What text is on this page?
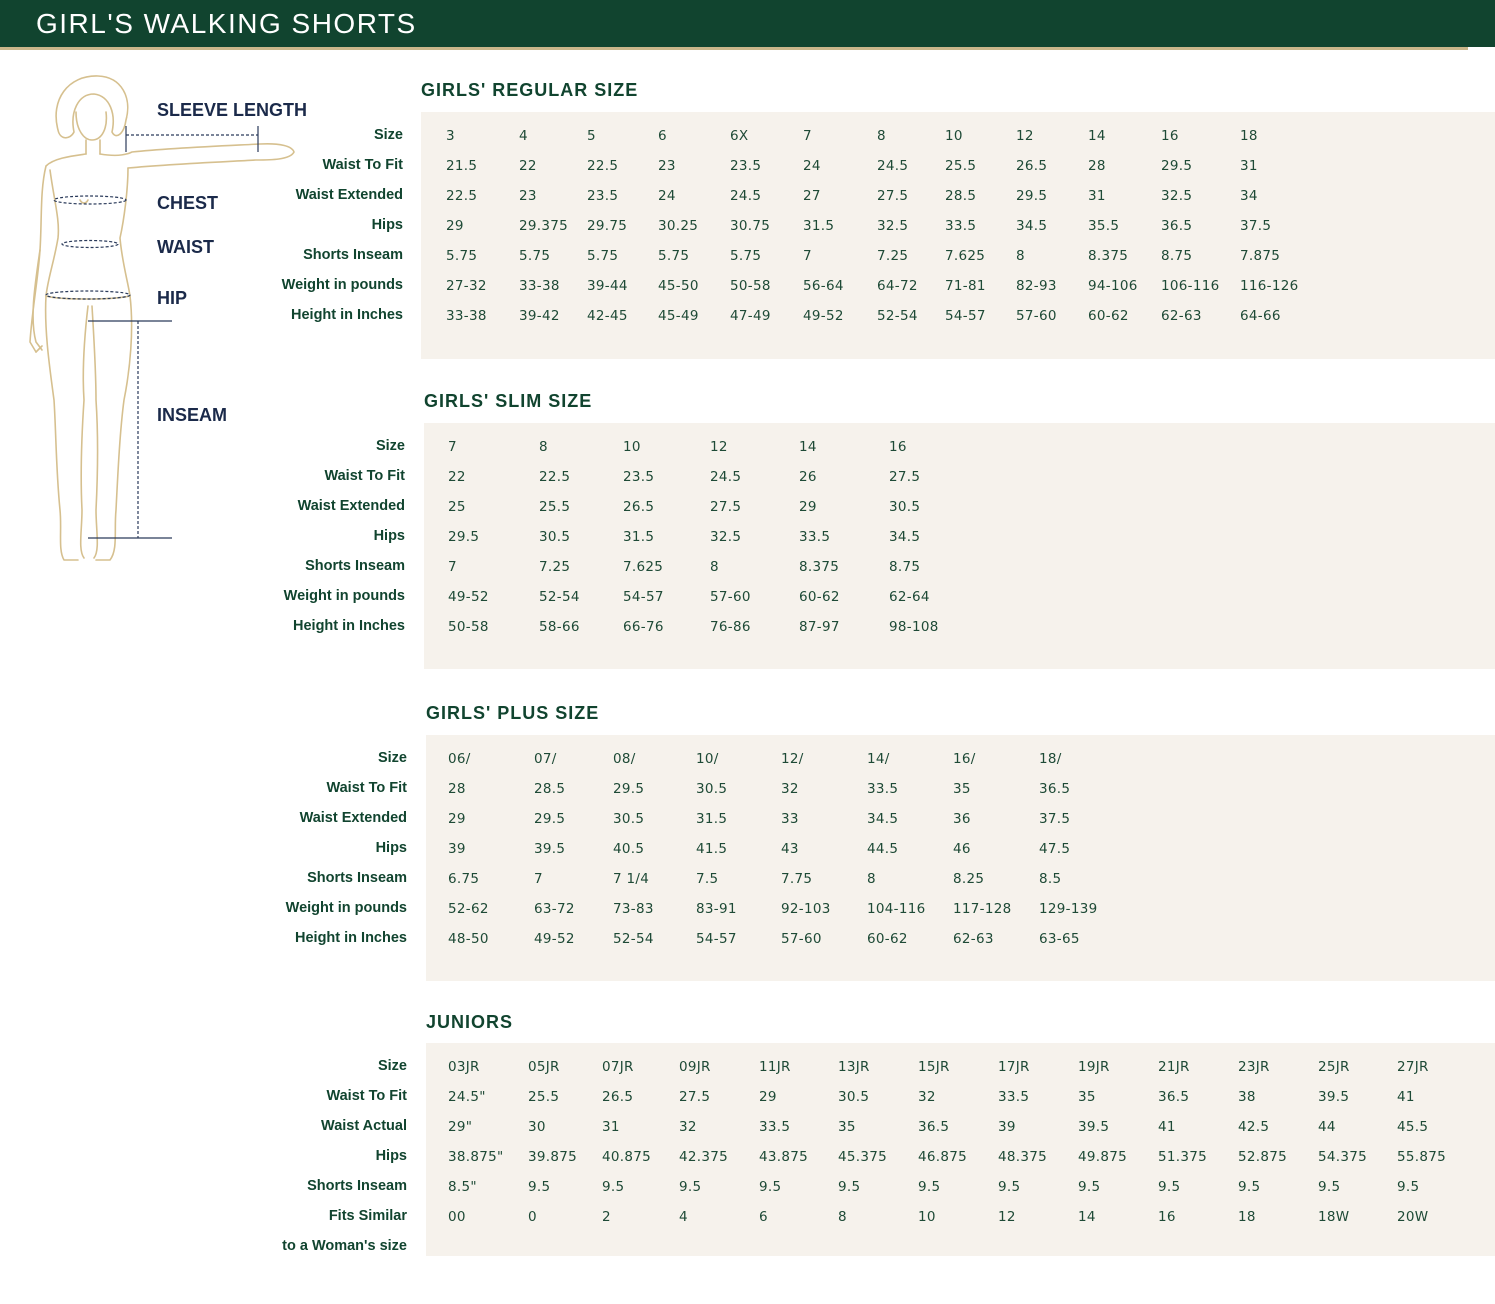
GIRL'S WALKING SHORTS
SLEEVE LENGTH
CHEST
WAIST
HIP
INSEAM
GIRLS' REGULAR SIZE
GIRLS' SLIM SIZE
GIRLS' PLUS SIZE
JUNIORS
Size
Waist To Fit
Waist Extended
Hips
Shorts Inseam
Weight in pounds
Height in Inches
3
21.5
22.5
29
5.75
27-32
33-38
4
22
23
29.375
5.75
33-38
39-42
5
22.5
23.5
29.75
5.75
39-44
42-45
6
23
24
30.25
5.75
45-50
45-49
6X
23.5
24.5
30.75
5.75
50-58
47-49
7
24
27
31.5
7
56-64
49-52
8
24.5
27.5
32.5
7.25
64-72
52-54
10
25.5
28.5
33.5
7.625
71-81
54-57
12
26.5
29.5
34.5
8
82-93
57-60
14
28
31
35.5
8.375
94-106
60-62
16
29.5
32.5
36.5
8.75
106-116
62-63
18
31
34
37.5
7.875
116-126
64-66
Size
Waist To Fit
Waist Extended
Hips
Shorts Inseam
Weight in pounds
Height in Inches
7
22
25
29.5
7
49-52
50-58
8
22.5
25.5
30.5
7.25
52-54
58-66
10
23.5
26.5
31.5
7.625
54-57
66-76
12
24.5
27.5
32.5
8
57-60
76-86
14
26
29
33.5
8.375
60-62
87-97
16
27.5
30.5
34.5
8.75
62-64
98-108
Size
Waist To Fit
Waist Extended
Hips
Shorts Inseam
Weight in pounds
Height in Inches
06/
28
29
39
6.75
52-62
48-50
07/
28.5
29.5
39.5
7
63-72
49-52
08/
29.5
30.5
40.5
7 1/4
73-83
52-54
10/
30.5
31.5
41.5
7.5
83-91
54-57
12/
32
33
43
7.75
92-103
57-60
14/
33.5
34.5
44.5
8
104-116
60-62
16/
35
36
46
8.25
117-128
62-63
18/
36.5
37.5
47.5
8.5
129-139
63-65
Size
Waist To Fit
Waist Actual
Hips
Shorts Inseam
Fits Similar
to a Woman's size
03JR
24.5"
29"
38.875"
8.5"
00
05JR
25.5
30
39.875
9.5
0
07JR
26.5
31
40.875
9.5
2
09JR
27.5
32
42.375
9.5
4
11JR
29
33.5
43.875
9.5
6
13JR
30.5
35
45.375
9.5
8
15JR
32
36.5
46.875
9.5
10
17JR
33.5
39
48.375
9.5
12
19JR
35
39.5
49.875
9.5
14
21JR
36.5
41
51.375
9.5
16
23JR
38
42.5
52.875
9.5
18
25JR
39.5
44
54.375
9.5
18W
27JR
41
45.5
55.875
9.5
20W
